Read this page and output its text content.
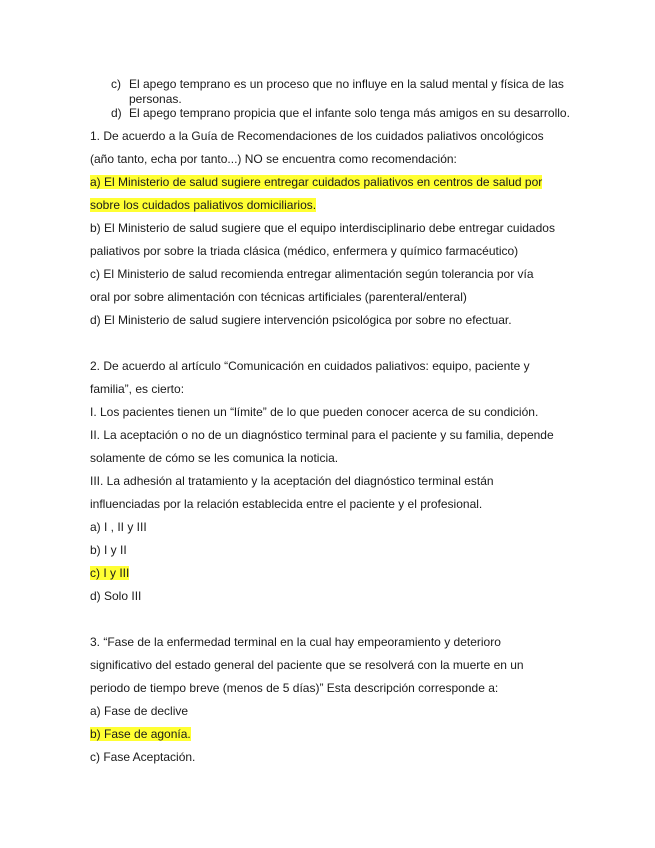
c) El apego temprano es un proceso que no influye en la salud mental y física de las
personas.
d) El apego temprano propicia que el infante solo tenga más amigos en su desarrollo.
1. De acuerdo a la Guía de Recomendaciones de los cuidados paliativos oncológicos
(año tanto, echa por tanto...) NO se encuentra como recomendación:
a) El Ministerio de salud sugiere entregar cuidados paliativos en centros de salud por
sobre los cuidados paliativos domiciliarios.
b) El Ministerio de salud sugiere que el equipo interdisciplinario debe entregar cuidados
paliativos por sobre la triada clásica (médico, enfermera y químico farmacéutico)
c) El Ministerio de salud recomienda entregar alimentación según tolerancia por vía
oral por sobre alimentación con técnicas artificiales (parenteral/enteral)
d) El Ministerio de salud sugiere intervención psicológica por sobre no efectuar.
2. De acuerdo al artículo “Comunicación en cuidados paliativos: equipo, paciente y
familia”, es cierto:
I. Los pacientes tienen un “límite” de lo que pueden conocer acerca de su condición.
II. La aceptación o no de un diagnóstico terminal para el paciente y su familia, depende
solamente de cómo se les comunica la noticia.
III. La adhesión al tratamiento y la aceptación del diagnóstico terminal están
influenciadas por la relación establecida entre el paciente y el profesional.
a) I , II y III
b) I y II
c) I y III
d) Solo III
3. “Fase de la enfermedad terminal en la cual hay empeoramiento y deterioro
significativo del estado general del paciente que se resolverá con la muerte en un
periodo de tiempo breve (menos de 5 días)” Esta descripción corresponde a:
a) Fase de declive
b) Fase de agonía.
c) Fase Aceptación.
